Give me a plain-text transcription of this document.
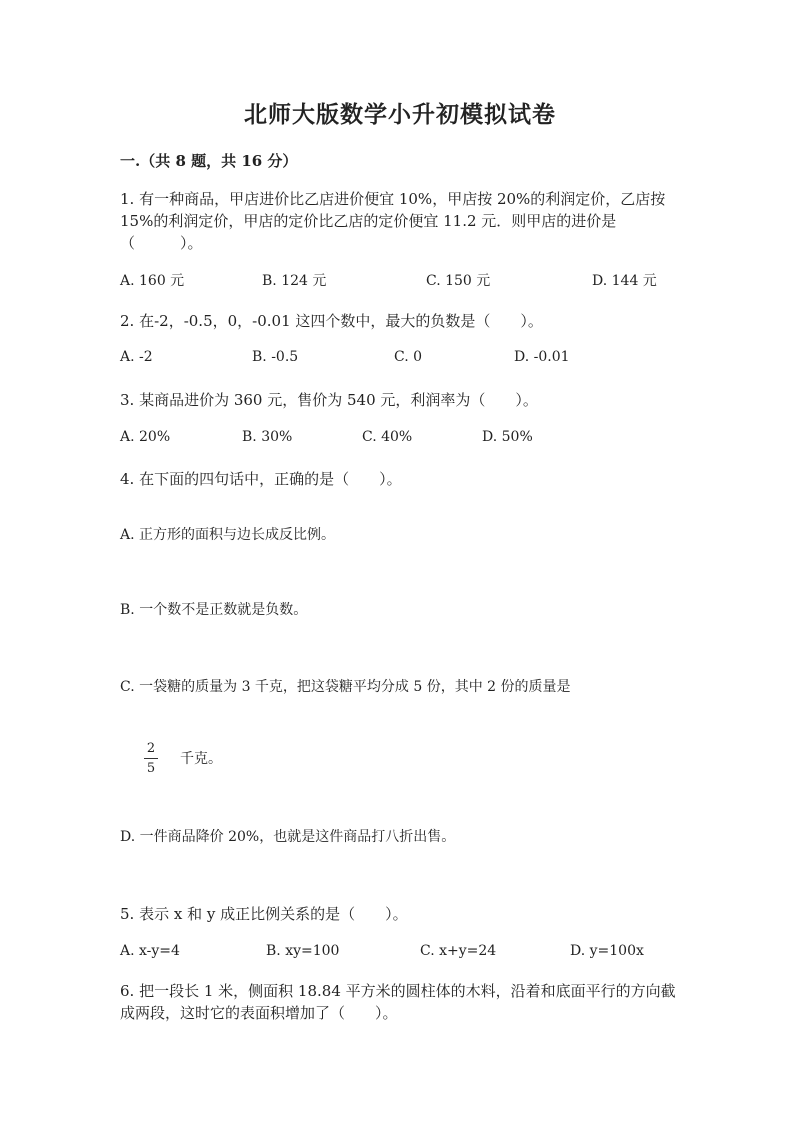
北师大版数学小升初模拟试卷
一.（共 8 题，共 16 分）
1. 有一种商品，甲店进价比乙店进价便宜 10%，甲店按 20%的利润定价，乙店按 15%的利润定价，甲店的定价比乙店的定价便宜 11.2 元．则甲店的进价是（　　　）。
A. 160 元	B. 124 元	C. 150 元	D. 144 元
2. 在-2，-0.5，0，-0.01 这四个数中，最大的负数是（　　）。
A. -2	B. -0.5	C. 0	D. -0.01
3. 某商品进价为 360 元，售价为 540 元，利润率为（　　）。
A. 20%	B. 30%	C. 40%	D. 50%
4. 在下面的四句话中，正确的是（　　）。
A. 正方形的面积与边长成反比例。
B. 一个数不是正数就是负数。
C. 一袋糖的质量为 3 千克，把这袋糖平均分成 5 份，其中 2 份的质量是
2
5
千克。
D. 一件商品降价 20%，也就是这件商品打八折出售。
5. 表示 x 和 y 成正比例关系的是（　　）。
A. x-y=4	B. xy=100	C. x+y=24	D. y=100x
6. 把一段长 1 米，侧面积 18.84 平方米的圆柱体的木料，沿着和底面平行的方向截成两段，这时它的表面积增加了（　　）。
